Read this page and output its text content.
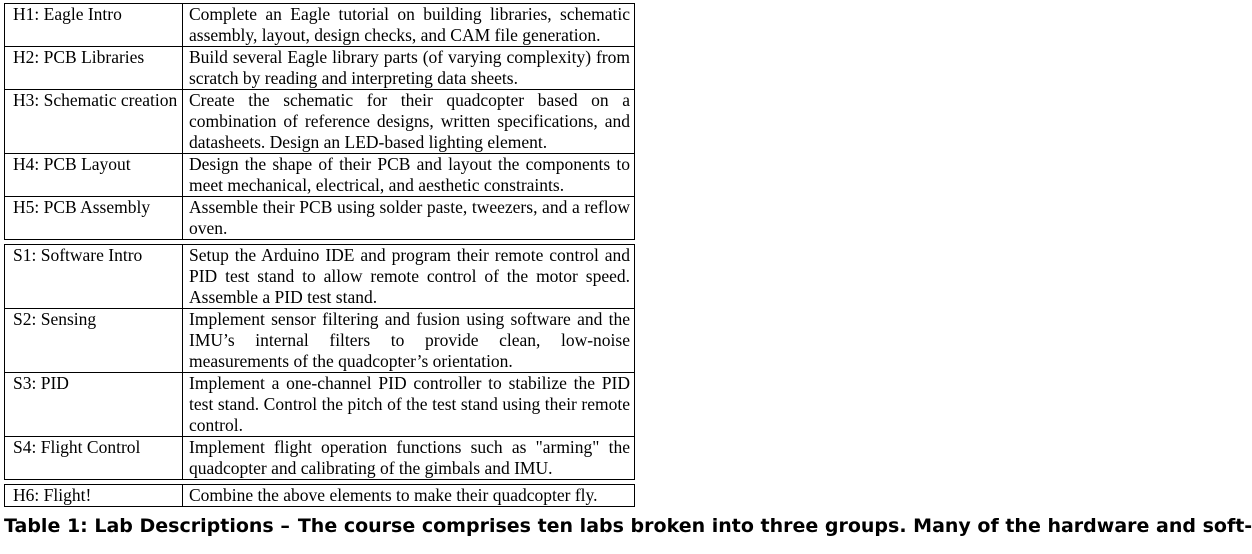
H1: Eagle Intro	Complete an Eagle tutorial on building libraries, schematic assembly, layout, design checks, and CAM file generation.
H2: PCB Libraries	Build several Eagle library parts (of varying complexity) from scratch by reading and interpreting data sheets.
H3: Schematic creation	Create the schematic for their quadcopter based on a combination of reference designs, written specifications, and datasheets. Design an LED-based lighting element.
H4: PCB Layout	Design the shape of their PCB and layout the components to meet mechanical, electrical, and aesthetic constraints.
H5: PCB Assembly	Assemble their PCB using solder paste, tweezers, and a reflow oven.

S1: Software Intro	Setup the Arduino IDE and program their remote control and PID test stand to allow remote control of the motor speed. Assemble a PID test stand.
S2: Sensing	Implement sensor filtering and fusion using software and the IMU’s internal filters to provide clean, low-noise measurements of the quadcopter’s orientation.
S3: PID	Implement a one-channel PID controller to stabilize the PID test stand. Control the pitch of the test stand using their remote control.
S4: Flight Control	Implement flight operation functions such as "arming" the quadcopter and calibrating of the gimbals and IMU.

H6: Flight!	Combine the above elements to make their quadcopter fly.
Table 1: Lab Descriptions – The course comprises ten labs broken into three groups. Many of the hardware and soft-
